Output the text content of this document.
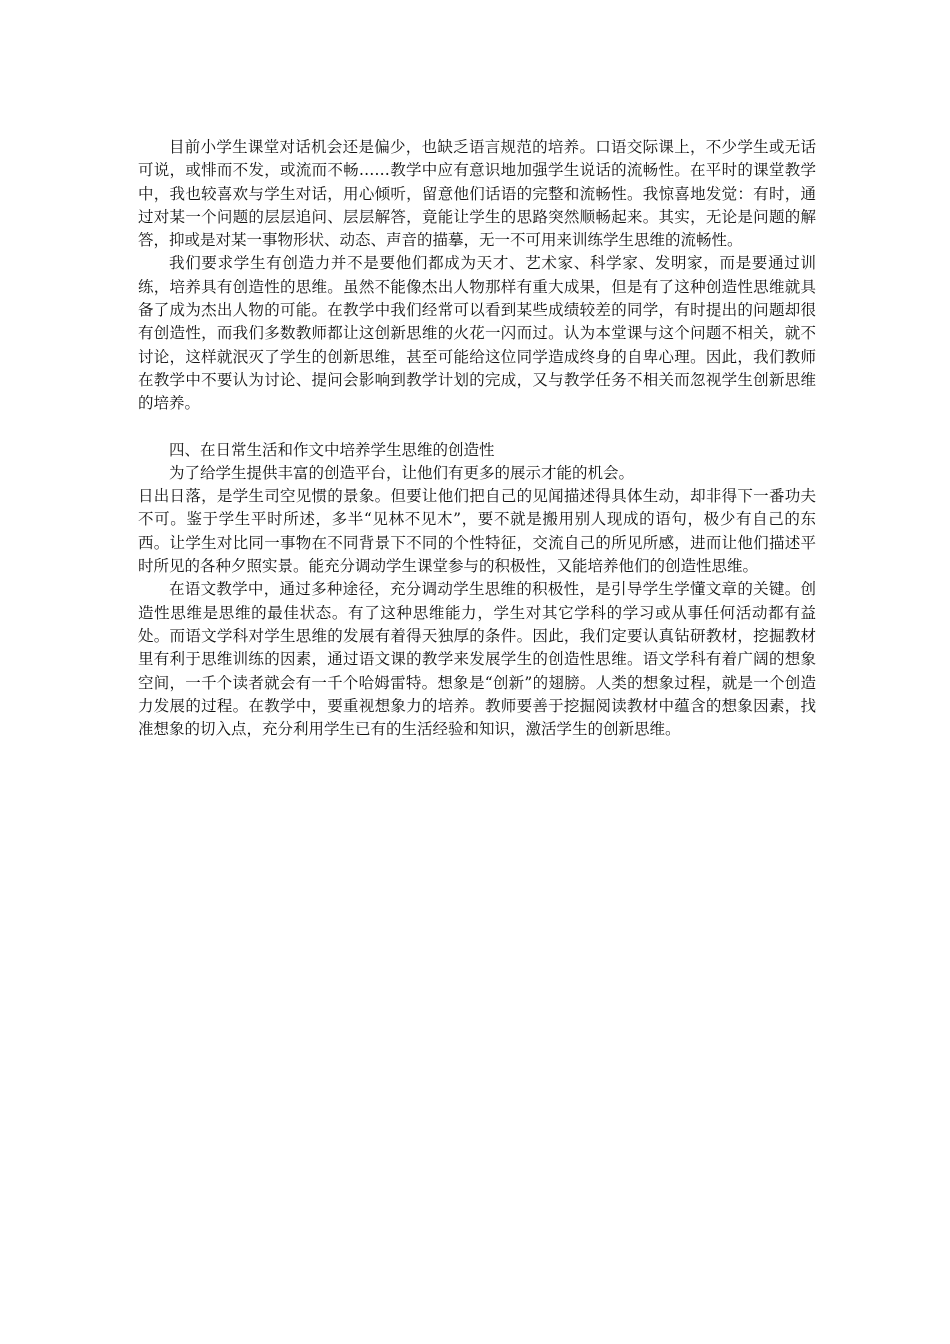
目前小学生课堂对话机会还是偏少，也缺乏语言规范的培养。口语交际课上，不少学生或无话可说，或悱而不发，或流而不畅……教学中应有意识地加强学生说话的流畅性。在平时的课堂教学中，我也较喜欢与学生对话，用心倾听，留意他们话语的完整和流畅性。我惊喜地发觉：有时，通过对某一个问题的层层追问、层层解答，竟能让学生的思路突然顺畅起来。其实，无论是问题的解答，抑或是对某一事物形状、动态、声音的描摹，无一不可用来训练学生思维的流畅性。

我们要求学生有创造力并不是要他们都成为天才、艺术家、科学家、发明家，而是要通过训练，培养具有创造性的思维。虽然不能像杰出人物那样有重大成果，但是有了这种创造性思维就具备了成为杰出人物的可能。在教学中我们经常可以看到某些成绩较差的同学，有时提出的问题却很有创造性，而我们多数教师都让这创新思维的火花一闪而过。认为本堂课与这个问题不相关，就不讨论，这样就泯灭了学生的创新思维，甚至可能给这位同学造成终身的自卑心理。因此，我们教师在教学中不要认为讨论、提问会影响到教学计划的完成，又与教学任务不相关而忽视学生创新思维的培养。

四、在日常生活和作文中培养学生思维的创造性

为了给学生提供丰富的创造平台，让他们有更多的展示才能的机会。

日出日落，是学生司空见惯的景象。但要让他们把自己的见闻描述得具体生动，却非得下一番功夫不可。鉴于学生平时所述，多半“见林不见木”，要不就是搬用别人现成的语句，极少有自己的东西。让学生对比同一事物在不同背景下不同的个性特征，交流自己的所见所感，进而让他们描述平时所见的各种夕照实景。能充分调动学生课堂参与的积极性，又能培养他们的创造性思维。

在语文教学中，通过多种途径，充分调动学生思维的积极性，是引导学生学懂文章的关键。创造性思维是思维的最佳状态。有了这种思维能力，学生对其它学科的学习或从事任何活动都有益处。而语文学科对学生思维的发展有着得天独厚的条件。因此，我们定要认真钻研教材，挖掘教材里有利于思维训练的因素，通过语文课的教学来发展学生的创造性思维。语文学科有着广阔的想象空间，一千个读者就会有一千个哈姆雷特。想象是“创新”的翅膀。人类的想象过程，就是一个创造力发展的过程。在教学中，要重视想象力的培养。教师要善于挖掘阅读教材中蕴含的想象因素，找准想象的切入点，充分利用学生已有的生活经验和知识，激活学生的创新思维。
